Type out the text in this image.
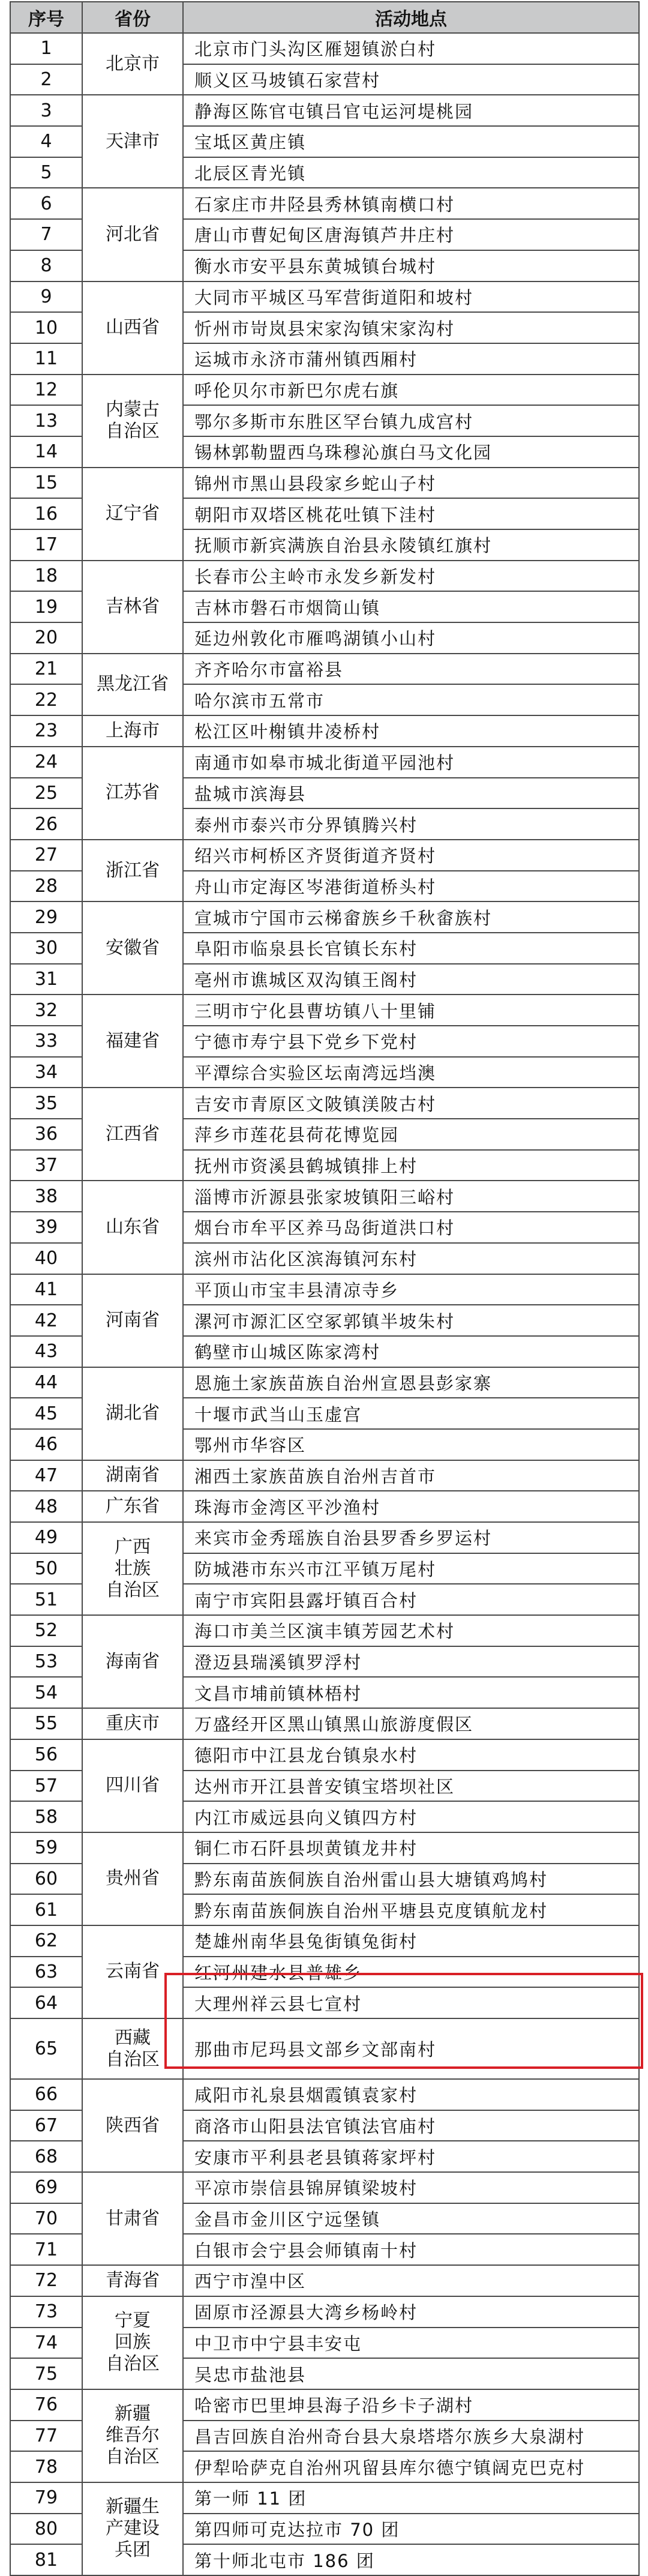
序号	省份	活动地点
1	北京市	北京市门头沟区雁翅镇淤白村
2		顺义区马坡镇石家营村
3	天津市	静海区陈官屯镇吕官屯运河堤桃园
4		宝坻区黄庄镇
5		北辰区青光镇
6	河北省	石家庄市井陉县秀林镇南横口村
7		唐山市曹妃甸区唐海镇芦井庄村
8		衡水市安平县东黄城镇台城村
9	山西省	大同市平城区马军营街道阳和坡村
10		忻州市岢岚县宋家沟镇宋家沟村
11		运城市永济市蒲州镇西厢村
12	内蒙古
自治区	呼伦贝尔市新巴尔虎右旗
13		鄂尔多斯市东胜区罕台镇九成宫村
14		锡林郭勒盟西乌珠穆沁旗白马文化园
15	辽宁省	锦州市黑山县段家乡蛇山子村
16		朝阳市双塔区桃花吐镇下洼村
17		抚顺市新宾满族自治县永陵镇红旗村
18	吉林省	长春市公主岭市永发乡新发村
19		吉林市磐石市烟筒山镇
20		延边州敦化市雁鸣湖镇小山村
21	黑龙江省	齐齐哈尔市富裕县
22		哈尔滨市五常市
23	上海市	松江区叶榭镇井凌桥村
24	江苏省	南通市如皋市城北街道平园池村
25		盐城市滨海县
26		泰州市泰兴市分界镇腾兴村
27	浙江省	绍兴市柯桥区齐贤街道齐贤村
28		舟山市定海区岑港街道桥头村
29	安徽省	宣城市宁国市云梯畲族乡千秋畲族村
30		阜阳市临泉县长官镇长东村
31		亳州市谯城区双沟镇王阁村
32	福建省	三明市宁化县曹坊镇八十里铺
33		宁德市寿宁县下党乡下党村
34		平潭综合实验区坛南湾远垱澳
35	江西省	吉安市青原区文陂镇渼陂古村
36		萍乡市莲花县荷花博览园
37		抚州市资溪县鹤城镇排上村
38	山东省	淄博市沂源县张家坡镇阳三峪村
39		烟台市牟平区养马岛街道洪口村
40		滨州市沾化区滨海镇河东村
41	河南省	平顶山市宝丰县清凉寺乡
42		漯河市源汇区空冢郭镇半坡朱村
43		鹤壁市山城区陈家湾村
44	湖北省	恩施土家族苗族自治州宣恩县彭家寨
45		十堰市武当山玉虚宫
46		鄂州市华容区
47	湖南省	湘西土家族苗族自治州吉首市
48	广东省	珠海市金湾区平沙渔村
49	广西
壮族
自治区	来宾市金秀瑶族自治县罗香乡罗运村
50		防城港市东兴市江平镇万尾村
51		南宁市宾阳县露圩镇百合村
52	海南省	海口市美兰区演丰镇芳园艺术村
53		澄迈县瑞溪镇罗浮村
54		文昌市埔前镇林梧村
55	重庆市	万盛经开区黑山镇黑山旅游度假区
56	四川省	德阳市中江县龙台镇泉水村
57		达州市开江县普安镇宝塔坝社区
58		内江市威远县向义镇四方村
59	贵州省	铜仁市石阡县坝黄镇龙井村
60		黔东南苗族侗族自治州雷山县大塘镇鸡鸠村
61		黔东南苗族侗族自治州平塘县克度镇航龙村
62	云南省	楚雄州南华县兔街镇兔街村
63		红河州建水县普雄乡
64		大理州祥云县七宣村
65	西藏
自治区	那曲市尼玛县文部乡文部南村
66	陕西省	咸阳市礼泉县烟霞镇袁家村
67		商洛市山阳县法官镇法官庙村
68		安康市平利县老县镇蒋家坪村
69	甘肃省	平凉市崇信县锦屏镇梁坡村
70		金昌市金川区宁远堡镇
71		白银市会宁县会师镇南十村
72	青海省	西宁市湟中区
73	宁夏
回族
自治区	固原市泾源县大湾乡杨岭村
74		中卫市中宁县丰安屯
75		吴忠市盐池县
76	新疆
维吾尔
自治区	哈密市巴里坤县海子沿乡卡子湖村
77		昌吉回族自治州奇台县大泉塔塔尔族乡大泉湖村
78		伊犁哈萨克自治州巩留县库尔德宁镇阔克巴克村
79	新疆生
产建设
兵团	第一师 11 团
80		第四师可克达拉市 70 团
81		第十师北屯市 186 团
